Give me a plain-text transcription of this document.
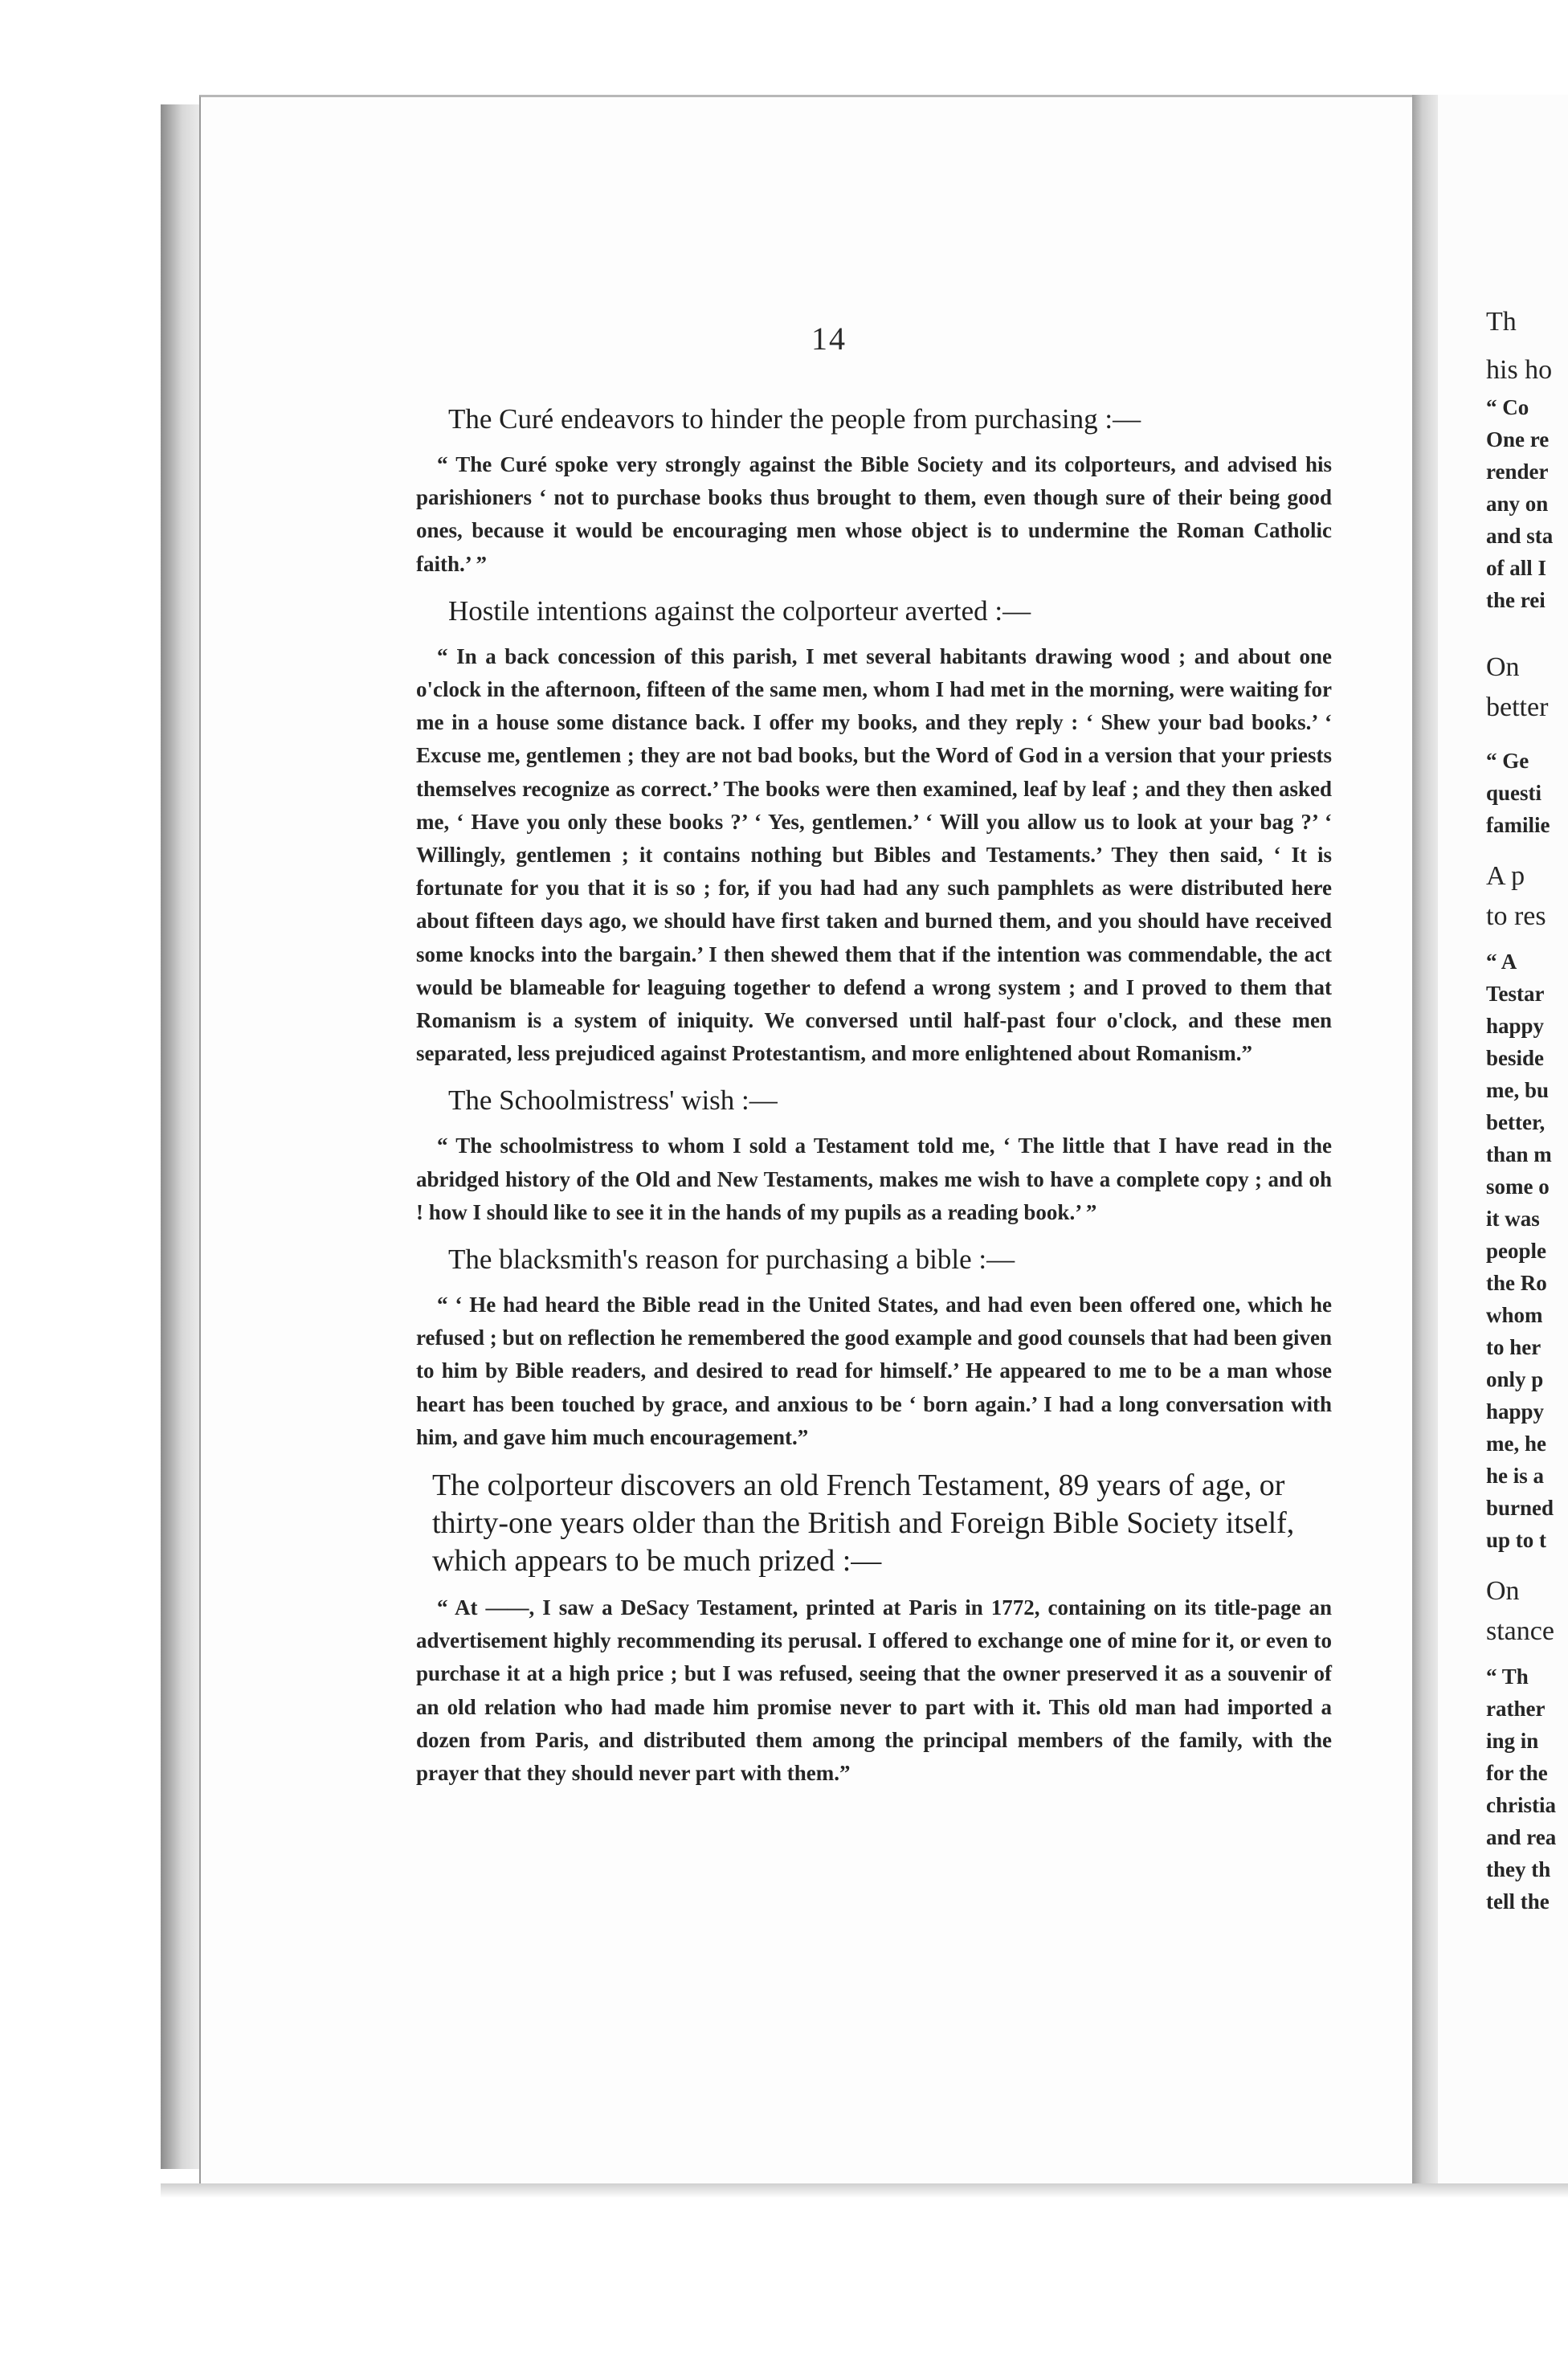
Th
his ho
“ Co
One re
render
any on
and sta
of all I
the rei
On
better
“ Ge
questi
familie
A p
to res
“ A
Testar
happy
beside
me, bu
better,
than m
some o
it was
people
the Ro
whom
to her
only p
happy
me, he
he is a
burned
up to t
On
stance
“ Th
rather
ing in
for the
christia
and rea
they th
tell the
14
The Curé endeavors to hinder the people from purchasing :—

“ The Curé spoke very strongly against the Bible Society and its colporteurs, and advised his parishioners ‘ not to purchase books thus brought to them, even though sure of their being good ones, because it would be encouraging men whose object is to undermine the Roman Catholic faith.’ ”

Hostile intentions against the colporteur averted :—

“ In a back concession of this parish, I met several habitants drawing wood ; and about one o'clock in the afternoon, fifteen of the same men, whom I had met in the morning, were waiting for me in a house some distance back. I offer my books, and they reply : ‘ Shew your bad books.’ ‘ Excuse me, gentlemen ; they are not bad books, but the Word of God in a version that your priests themselves recognize as correct.’ The books were then examined, leaf by leaf ; and they then asked me, ‘ Have you only these books ?’ ‘ Yes, gentlemen.’ ‘ Will you allow us to look at your bag ?’ ‘ Willingly, gentlemen ; it contains nothing but Bibles and Testaments.’ They then said, ‘ It is fortunate for you that it is so ; for, if you had had any such pamphlets as were distributed here about fifteen days ago, we should have first taken and burned them, and you should have received some knocks into the bargain.’ I then shewed them that if the intention was commendable, the act would be blameable for leaguing together to defend a wrong system ; and I proved to them that Romanism is a system of iniquity. We conversed until half-past four o'clock, and these men separated, less prejudiced against Protestantism, and more enlightened about Romanism.”

The Schoolmistress' wish :—

“ The schoolmistress to whom I sold a Testament told me, ‘ The little that I have read in the abridged history of the Old and New Testaments, makes me wish to have a complete copy ; and oh ! how I should like to see it in the hands of my pupils as a reading book.’ ”

The blacksmith's reason for purchasing a bible :—

“ ‘ He had heard the Bible read in the United States, and had even been offered one, which he refused ; but on reflection he remembered the good example and good counsels that had been given to him by Bible readers, and desired to read for himself.’ He appeared to me to be a man whose heart has been touched by grace, and anxious to be ‘ born again.’ I had a long conversation with him, and gave him much encouragement.”

The colporteur discovers an old French Testament, 89 years of age, or thirty-one years older than the British and Foreign Bible Society itself, which appears to be much prized :—

“ At ——, I saw a DeSacy Testament, printed at Paris in 1772, containing on its title-page an advertisement highly recommending its perusal. I offered to exchange one of mine for it, or even to purchase it at a high price ; but I was refused, seeing that the owner preserved it as a souvenir of an old relation who had made him promise never to part with it. This old man had imported a dozen from Paris, and distributed them among the principal members of the family, with the prayer that they should never part with them.”
